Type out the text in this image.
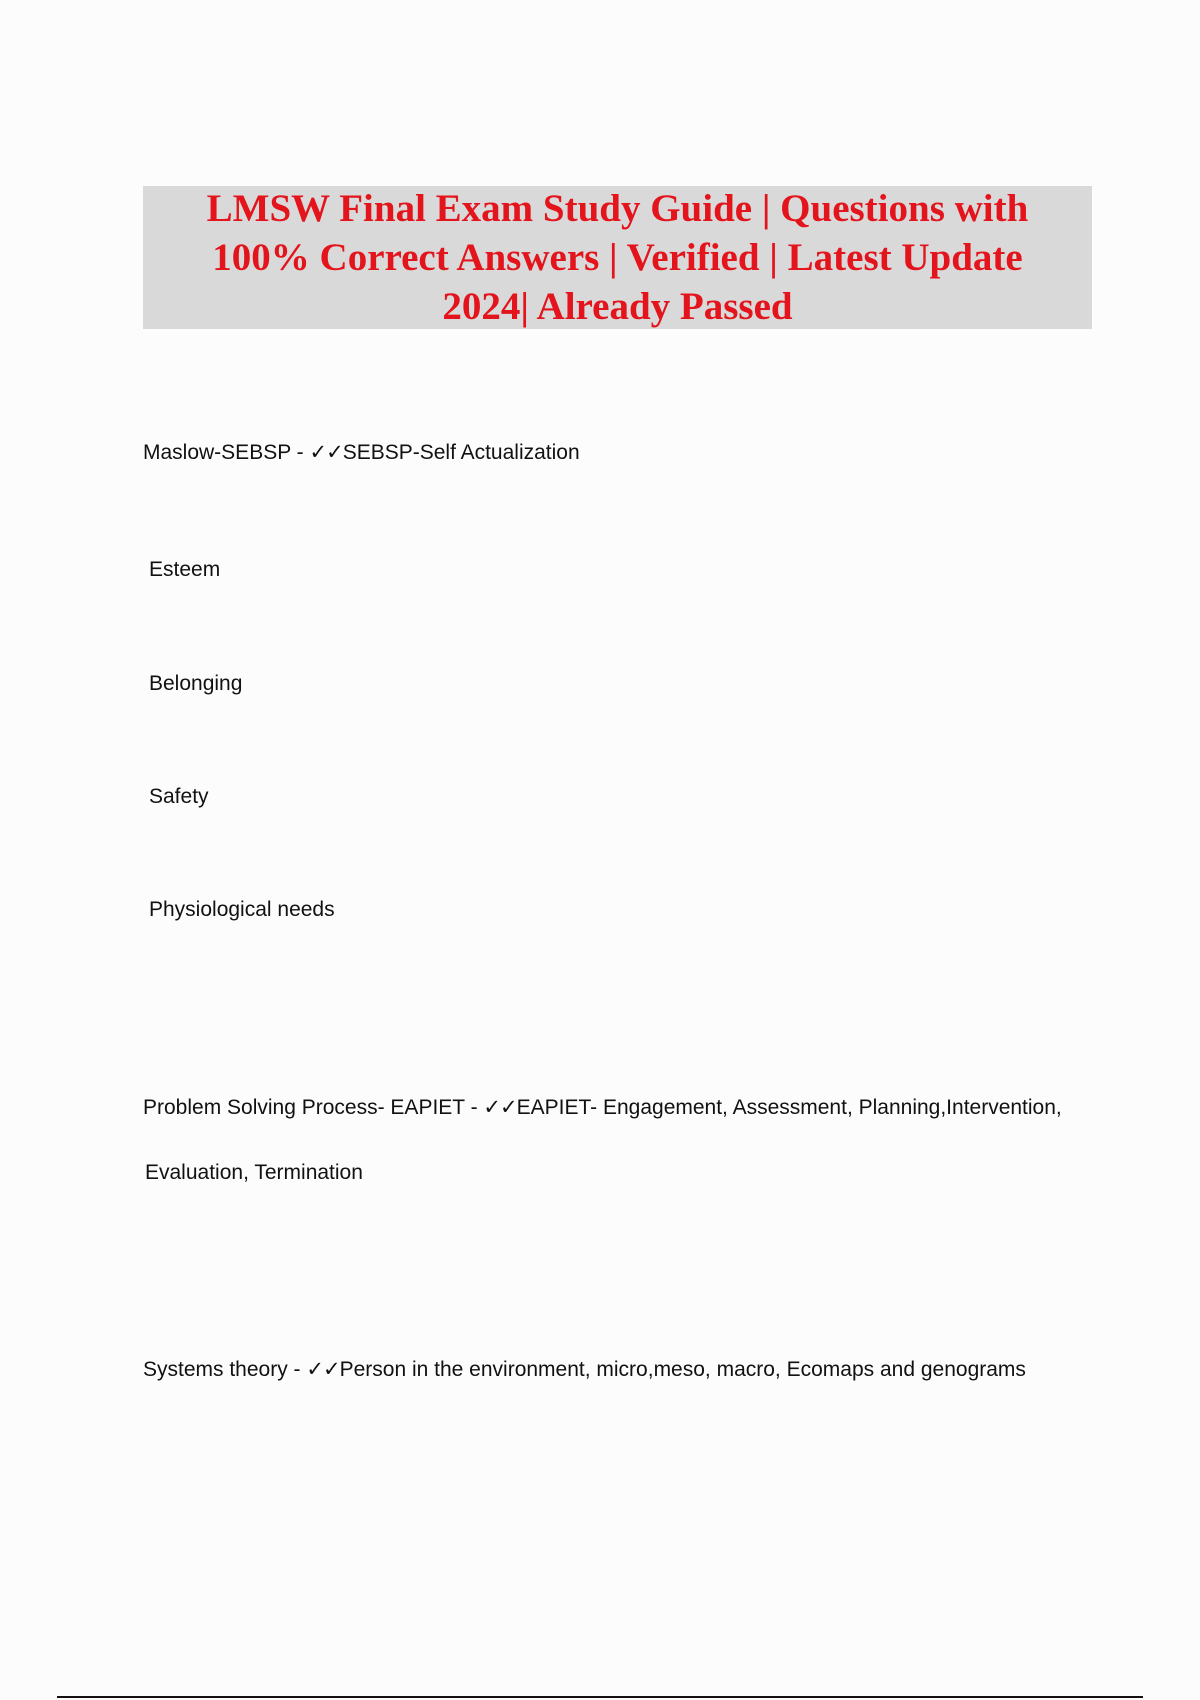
LMSW Final Exam Study Guide | Questions with 100% Correct Answers | Verified | Latest Update 2024| Already Passed

Maslow-SEBSP - ✓✓SEBSP-Self Actualization

Esteem

Belonging

Safety

Physiological needs

Problem Solving Process- EAPIET - ✓✓EAPIET- Engagement, Assessment, Planning,Intervention,

Evaluation, Termination

Systems theory - ✓✓Person in the environment, micro,meso, macro, Ecomaps and genograms
